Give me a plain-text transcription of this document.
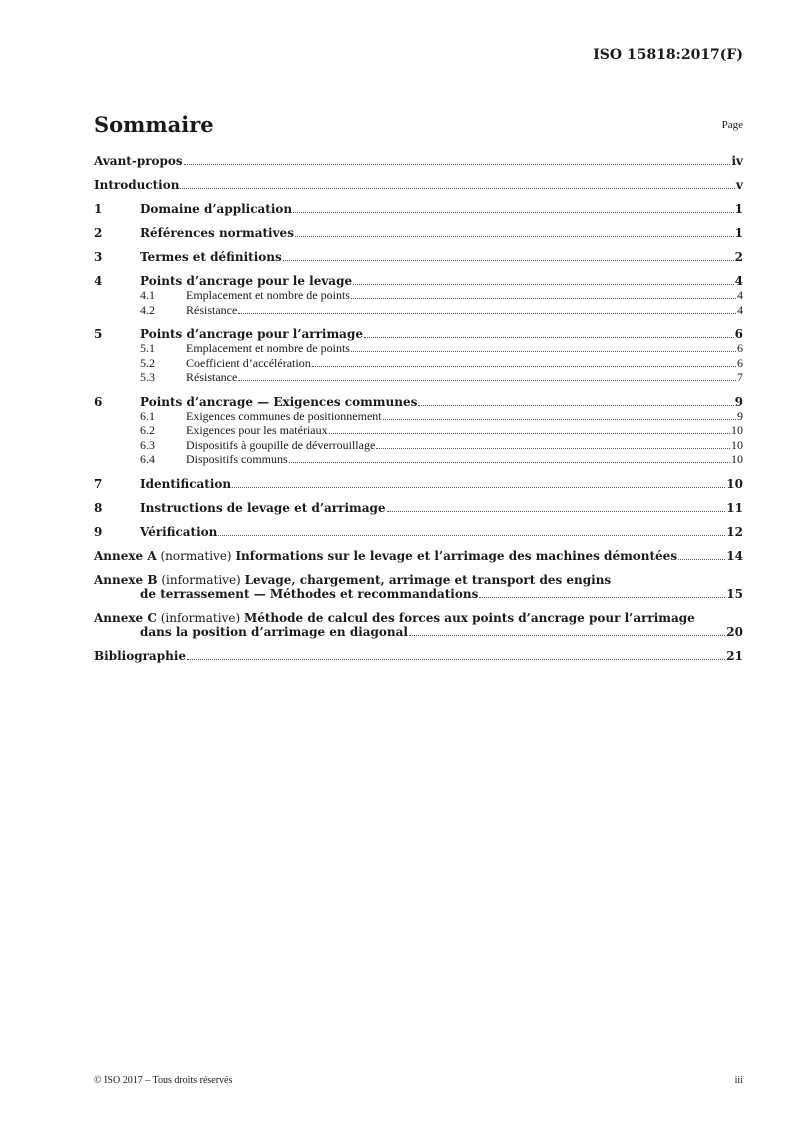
ISO 15818:2017(F)
Sommaire	Page
Avant-propos	iv
Introduction	v
1	Domaine d’application	1
2	Références normatives	1
3	Termes et définitions	2
4	Points d’ancrage pour le levage	4
4.1	Emplacement et nombre de points	4
4.2	Résistance	4
5	Points d’ancrage pour l’arrimage	6
5.1	Emplacement et nombre de points	6
5.2	Coefficient d’accélération	6
5.3	Résistance	7
6	Points d’ancrage — Exigences communes	9
6.1	Exigences communes de positionnement	9
6.2	Exigences pour les matériaux	10
6.3	Dispositifs à goupille de déverrouillage	10
6.4	Dispositifs communs	10
7	Identification	10
8	Instructions de levage et d’arrimage	11
9	Vérification	12
Annexe A (normative) Informations sur le levage et l’arrimage des machines démontées	14
Annexe B (informative) Levage, chargement, arrimage et transport des engins
de terrassement — Méthodes et recommandations	15
Annexe C (informative) Méthode de calcul des forces aux points d’ancrage pour l’arrimage
dans la position d’arrimage en diagonal	20
Bibliographie	21
© ISO 2017 – Tous droits réservés	iii
